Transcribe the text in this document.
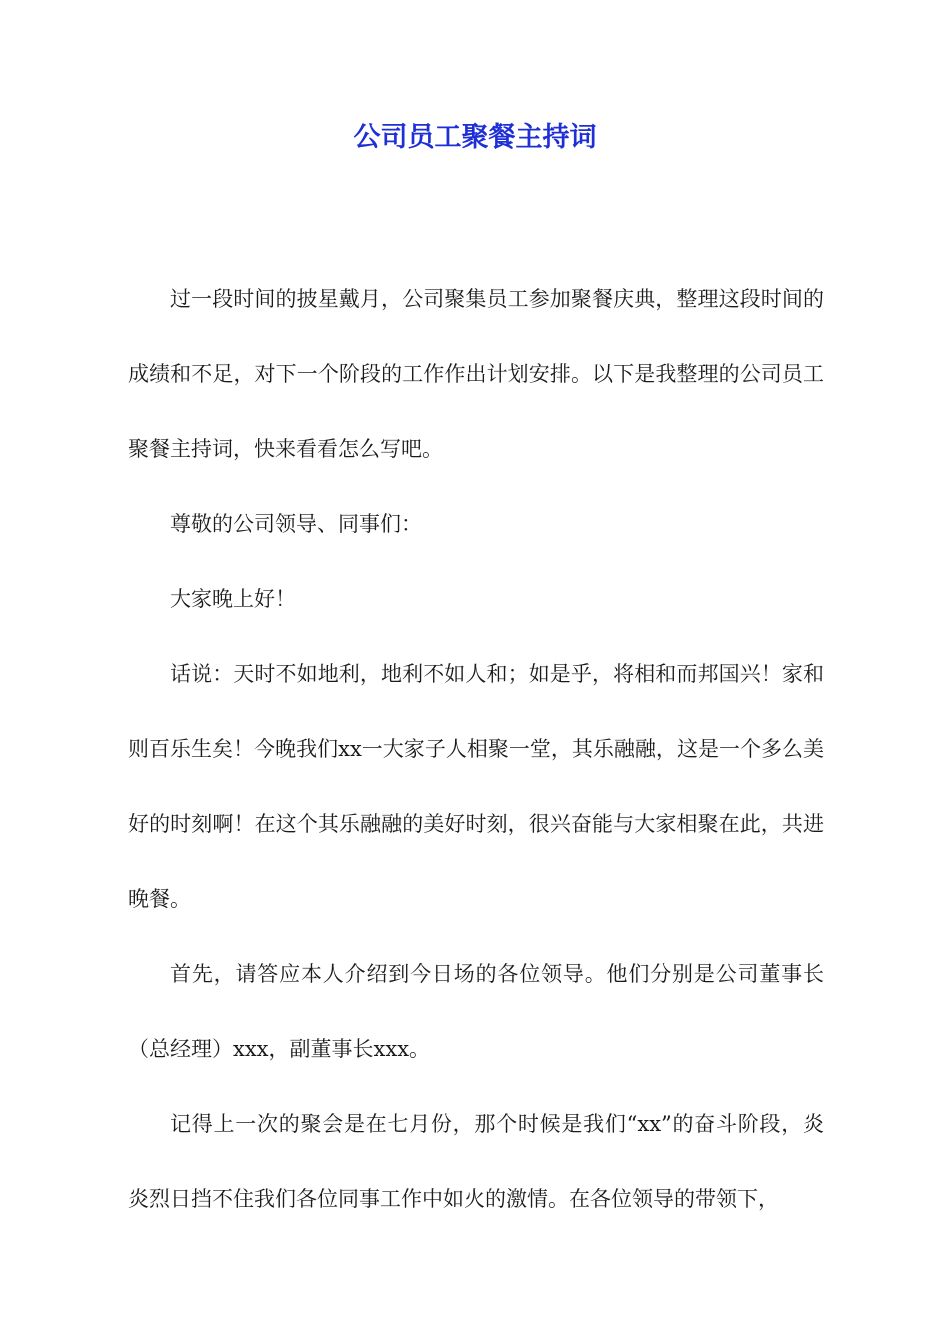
公司员工聚餐主持词

过一段时间的披星戴月，公司聚集员工参加聚餐庆典，整理这段时间的成绩和不足，对下一个阶段的工作作出计划安排。以下是我整理的公司员工聚餐主持词，快来看看怎么写吧。

尊敬的公司领导、同事们：

大家晚上好！

话说：天时不如地利，地利不如人和；如是乎，将相和而邦国兴！家和则百乐生矣！今晚我们xx一大家子人相聚一堂，其乐融融，这是一个多么美好的时刻啊！在这个其乐融融的美好时刻，很兴奋能与大家相聚在此，共进晚餐。

首先，请答应本人介绍到今日场的各位领导。他们分别是公司董事长（总经理）xxx，副董事长xxx。

记得上一次的聚会是在七月份，那个时候是我们“xx”的奋斗阶段，炎炎烈日挡不住我们各位同事工作中如火的激情。在各位领导的带领下，
